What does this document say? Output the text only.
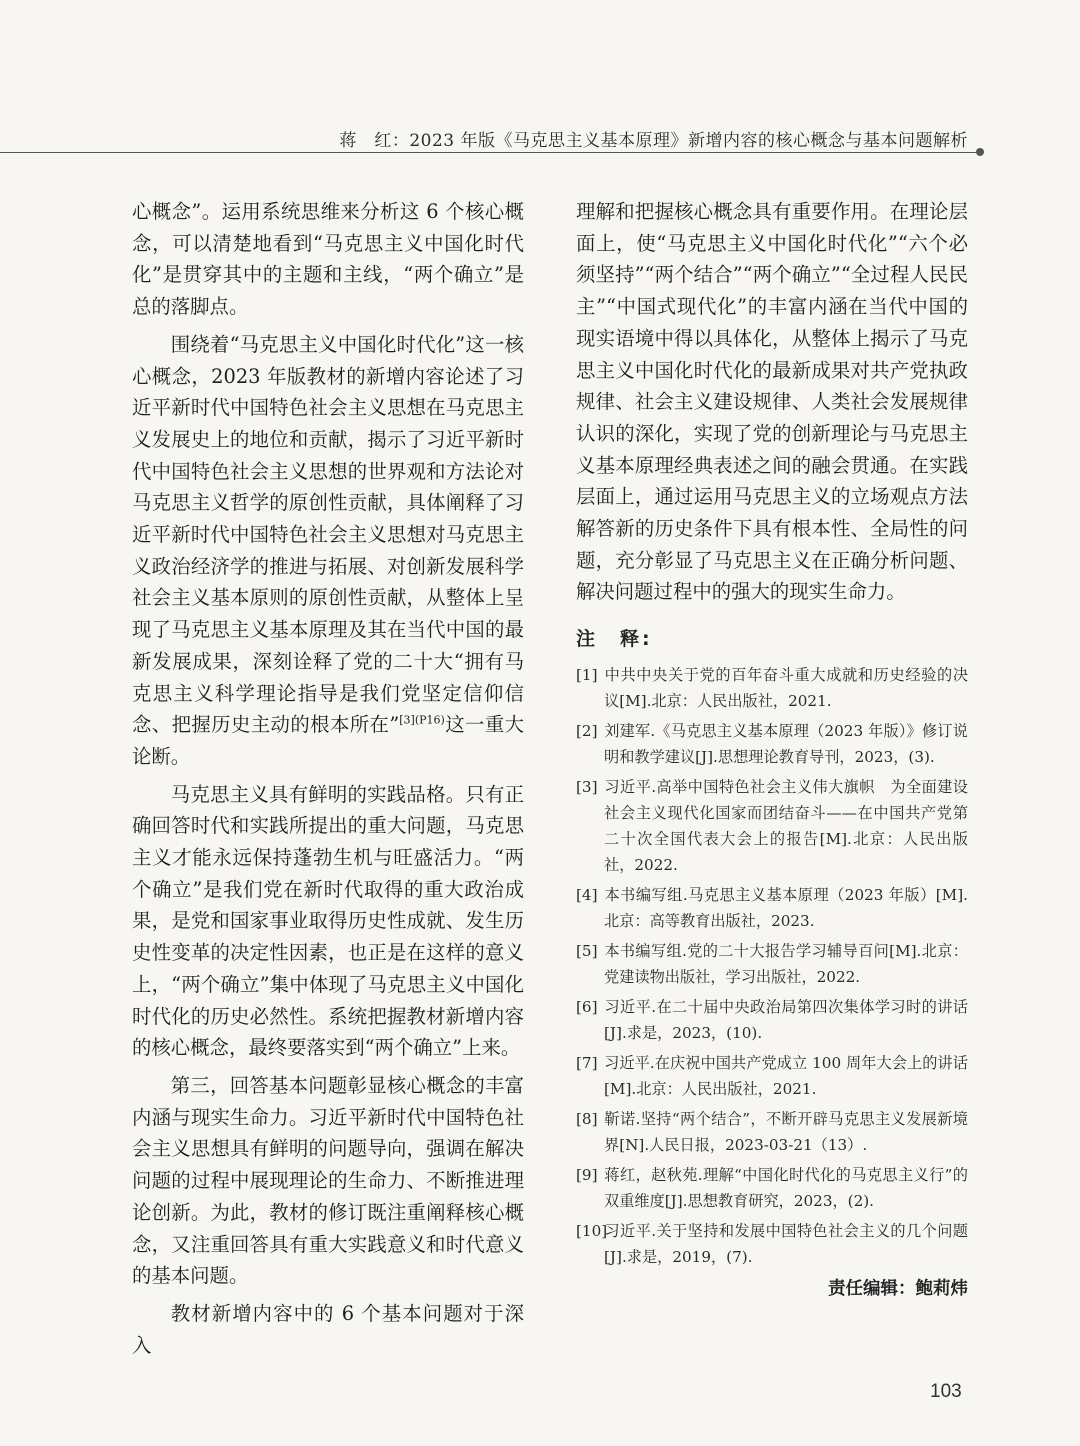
蒋　红：2023 年版《马克思主义基本原理》新增内容的核心概念与基本问题解析

心概念”。运用系统思维来分析这 6 个核心概念，可以清楚地看到“马克思主义中国化时代化”是贯穿其中的主题和主线，“两个确立”是总的落脚点。

围绕着“马克思主义中国化时代化”这一核心概念，2023 年版教材的新增内容论述了习近平新时代中国特色社会主义思想在马克思主义发展史上的地位和贡献，揭示了习近平新时代中国特色社会主义思想的世界观和方法论对马克思主义哲学的原创性贡献，具体阐释了习近平新时代中国特色社会主义思想对马克思主义政治经济学的推进与拓展、对创新发展科学社会主义基本原则的原创性贡献，从整体上呈现了马克思主义基本原理及其在当代中国的最新发展成果，深刻诠释了党的二十大“拥有马克思主义科学理论指导是我们党坚定信仰信念、把握历史主动的根本所在”$^{[3](P16)}$这一重大论断。

马克思主义具有鲜明的实践品格。只有正确回答时代和实践所提出的重大问题，马克思主义才能永远保持蓬勃生机与旺盛活力。“两个确立”是我们党在新时代取得的重大政治成果，是党和国家事业取得历史性成就、发生历史性变革的决定性因素，也正是在这样的意义上，“两个确立”集中体现了马克思主义中国化时代化的历史必然性。系统把握教材新增内容的核心概念，最终要落实到“两个确立”上来。

第三，回答基本问题彰显核心概念的丰富内涵与现实生命力。习近平新时代中国特色社会主义思想具有鲜明的问题导向，强调在解决问题的过程中展现理论的生命力、不断推进理论创新。为此，教材的修订既注重阐释核心概念，又注重回答具有重大实践意义和时代意义的基本问题。

教材新增内容中的 6 个基本问题对于深入

理解和把握核心概念具有重要作用。在理论层面上，使“马克思主义中国化时代化”“六个必须坚持”“两个结合”“两个确立”“全过程人民民主”“中国式现代化”的丰富内涵在当代中国的现实语境中得以具体化，从整体上揭示了马克思主义中国化时代化的最新成果对共产党执政规律、社会主义建设规律、人类社会发展规律认识的深化，实现了党的创新理论与马克思主义基本原理经典表述之间的融会贯通。在实践层面上，通过运用马克思主义的立场观点方法解答新的历史条件下具有根本性、全局性的问题，充分彰显了马克思主义在正确分析问题、解决问题过程中的强大的现实生命力。

注　释:
[1] 中共中央关于党的百年奋斗重大成就和历史经验的决议[M].北京：人民出版社，2021.
[2] 刘建军.《马克思主义基本原理（2023 年版）》修订说明和教学建议[J].思想理论教育导刊，2023，(3).
[3] 习近平.高举中国特色社会主义伟大旗帜　为全面建设社会主义现代化国家而团结奋斗——在中国共产党第二十次全国代表大会上的报告[M].北京：人民出版社，2022.
[4] 本书编写组.马克思主义基本原理（2023 年版）[M].北京：高等教育出版社，2023.
[5] 本书编写组.党的二十大报告学习辅导百问[M].北京：党建读物出版社，学习出版社，2022.
[6] 习近平.在二十届中央政治局第四次集体学习时的讲话[J].求是，2023，(10).
[7] 习近平.在庆祝中国共产党成立 100 周年大会上的讲话[M].北京：人民出版社，2021.
[8] 靳诺.坚持“两个结合”，不断开辟马克思主义发展新境界[N].人民日报，2023-03-21（13）.
[9] 蒋红，赵秋苑.理解“中国化时代化的马克思主义行”的双重维度[J].思想教育研究，2023，(2).
[10]习近平.关于坚持和发展中国特色社会主义的几个问题[J].求是，2019，(7).
责任编辑：鲍莉炜
103
